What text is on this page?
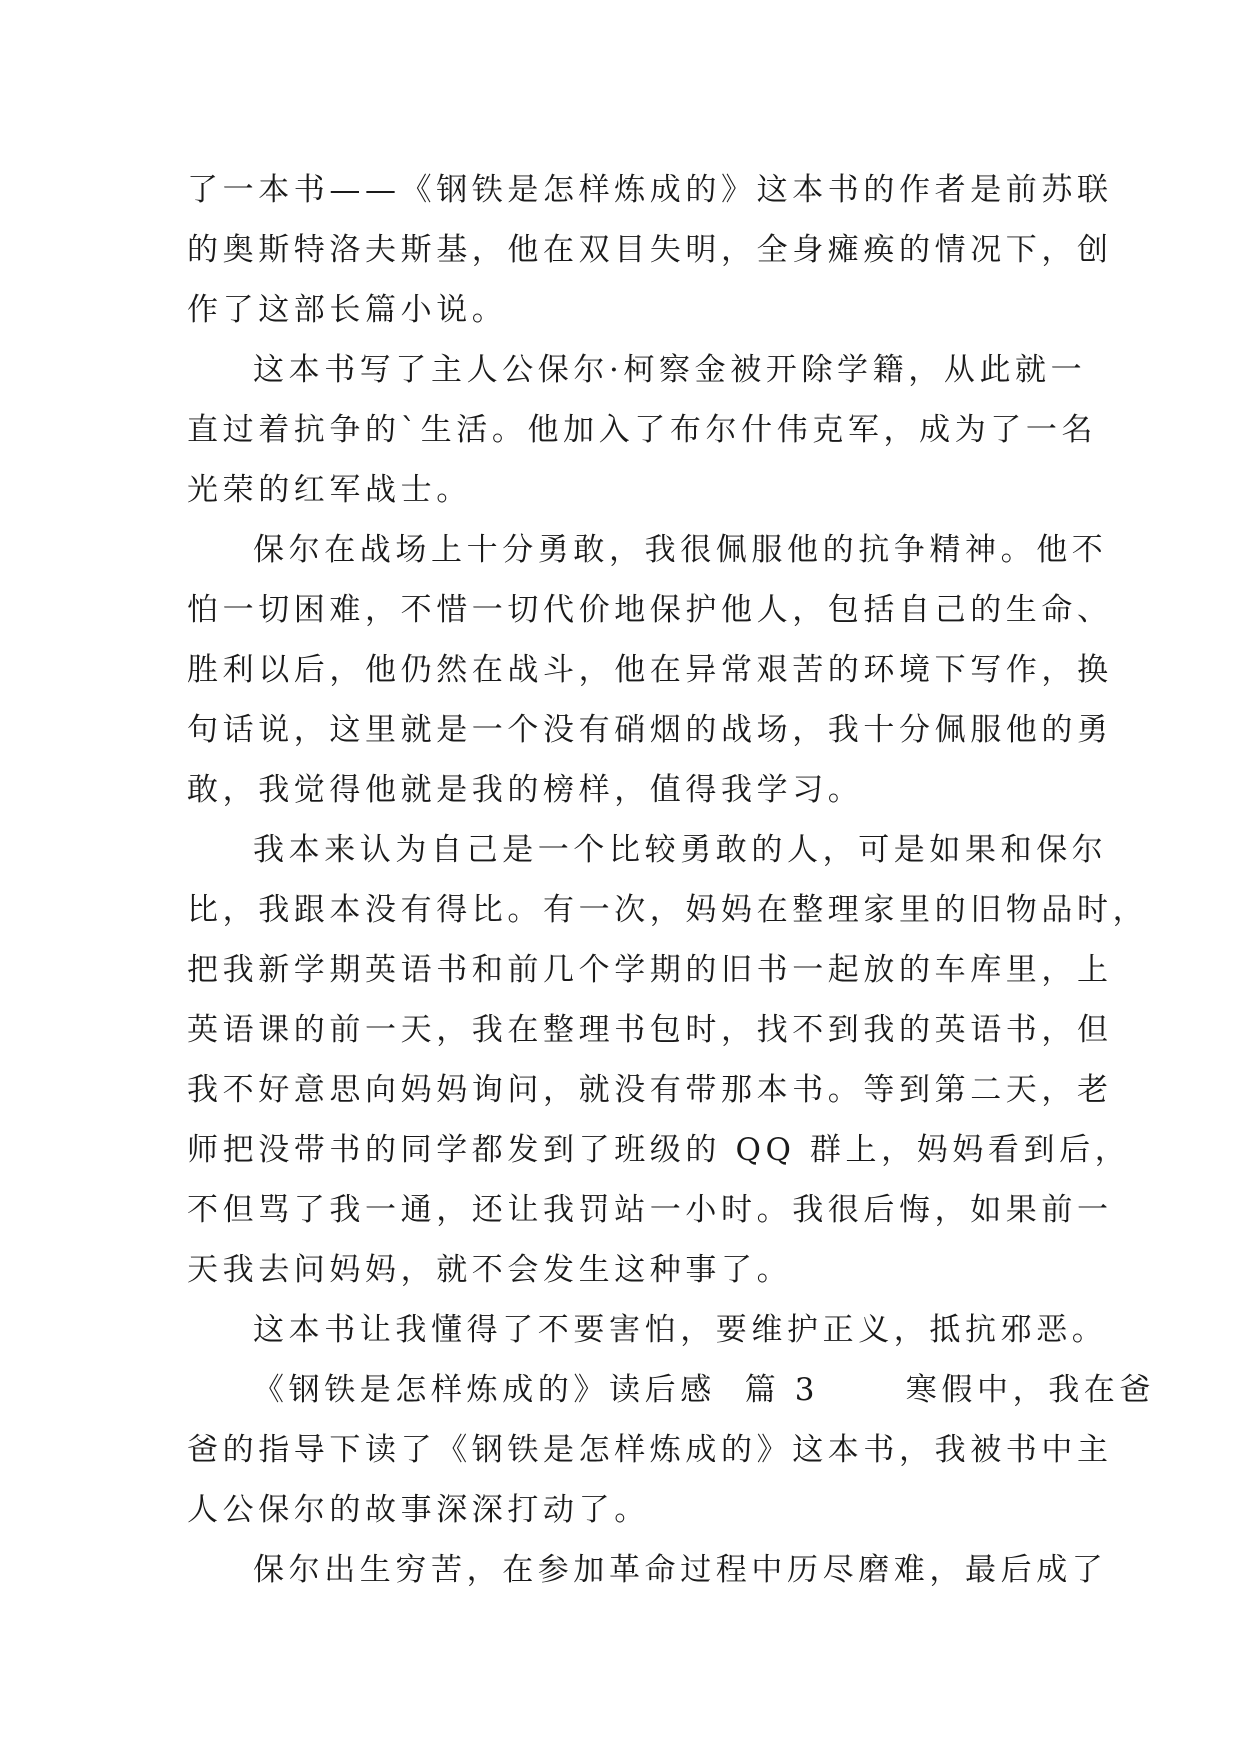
了一本书——《钢铁是怎样炼成的》这本书的作者是前苏联
的奥斯特洛夫斯基，他在双目失明，全身瘫痪的情况下，创
作了这部长篇小说。
这本书写了主人公保尔·柯察金被开除学籍，从此就一
直过着抗争的`生活。他加入了布尔什伟克军，成为了一名
光荣的红军战士。
保尔在战场上十分勇敢，我很佩服他的抗争精神。他不
怕一切困难，不惜一切代价地保护他人，包括自己的生命、
胜利以后，他仍然在战斗，他在异常艰苦的环境下写作，换
句话说，这里就是一个没有硝烟的战场，我十分佩服他的勇
敢，我觉得他就是我的榜样，值得我学习。
我本来认为自己是一个比较勇敢的人，可是如果和保尔
比，我跟本没有得比。有一次，妈妈在整理家里的旧物品时，
把我新学期英语书和前几个学期的旧书一起放的车库里，上
英语课的前一天，我在整理书包时，找不到我的英语书，但
我不好意思向妈妈询问，就没有带那本书。等到第二天，老
师把没带书的同学都发到了班级的 QQ 群上，妈妈看到后，
不但骂了我一通，还让我罚站一小时。我很后悔，如果前一
天我去问妈妈，就不会发生这种事了。
这本书让我懂得了不要害怕，要维护正义，抵抗邪恶。
《钢铁是怎样炼成的》读后感  篇 3      寒假中，我在爸
爸的指导下读了《钢铁是怎样炼成的》这本书，我被书中主
人公保尔的故事深深打动了。
保尔出生穷苦，在参加革命过程中历尽磨难，最后成了
